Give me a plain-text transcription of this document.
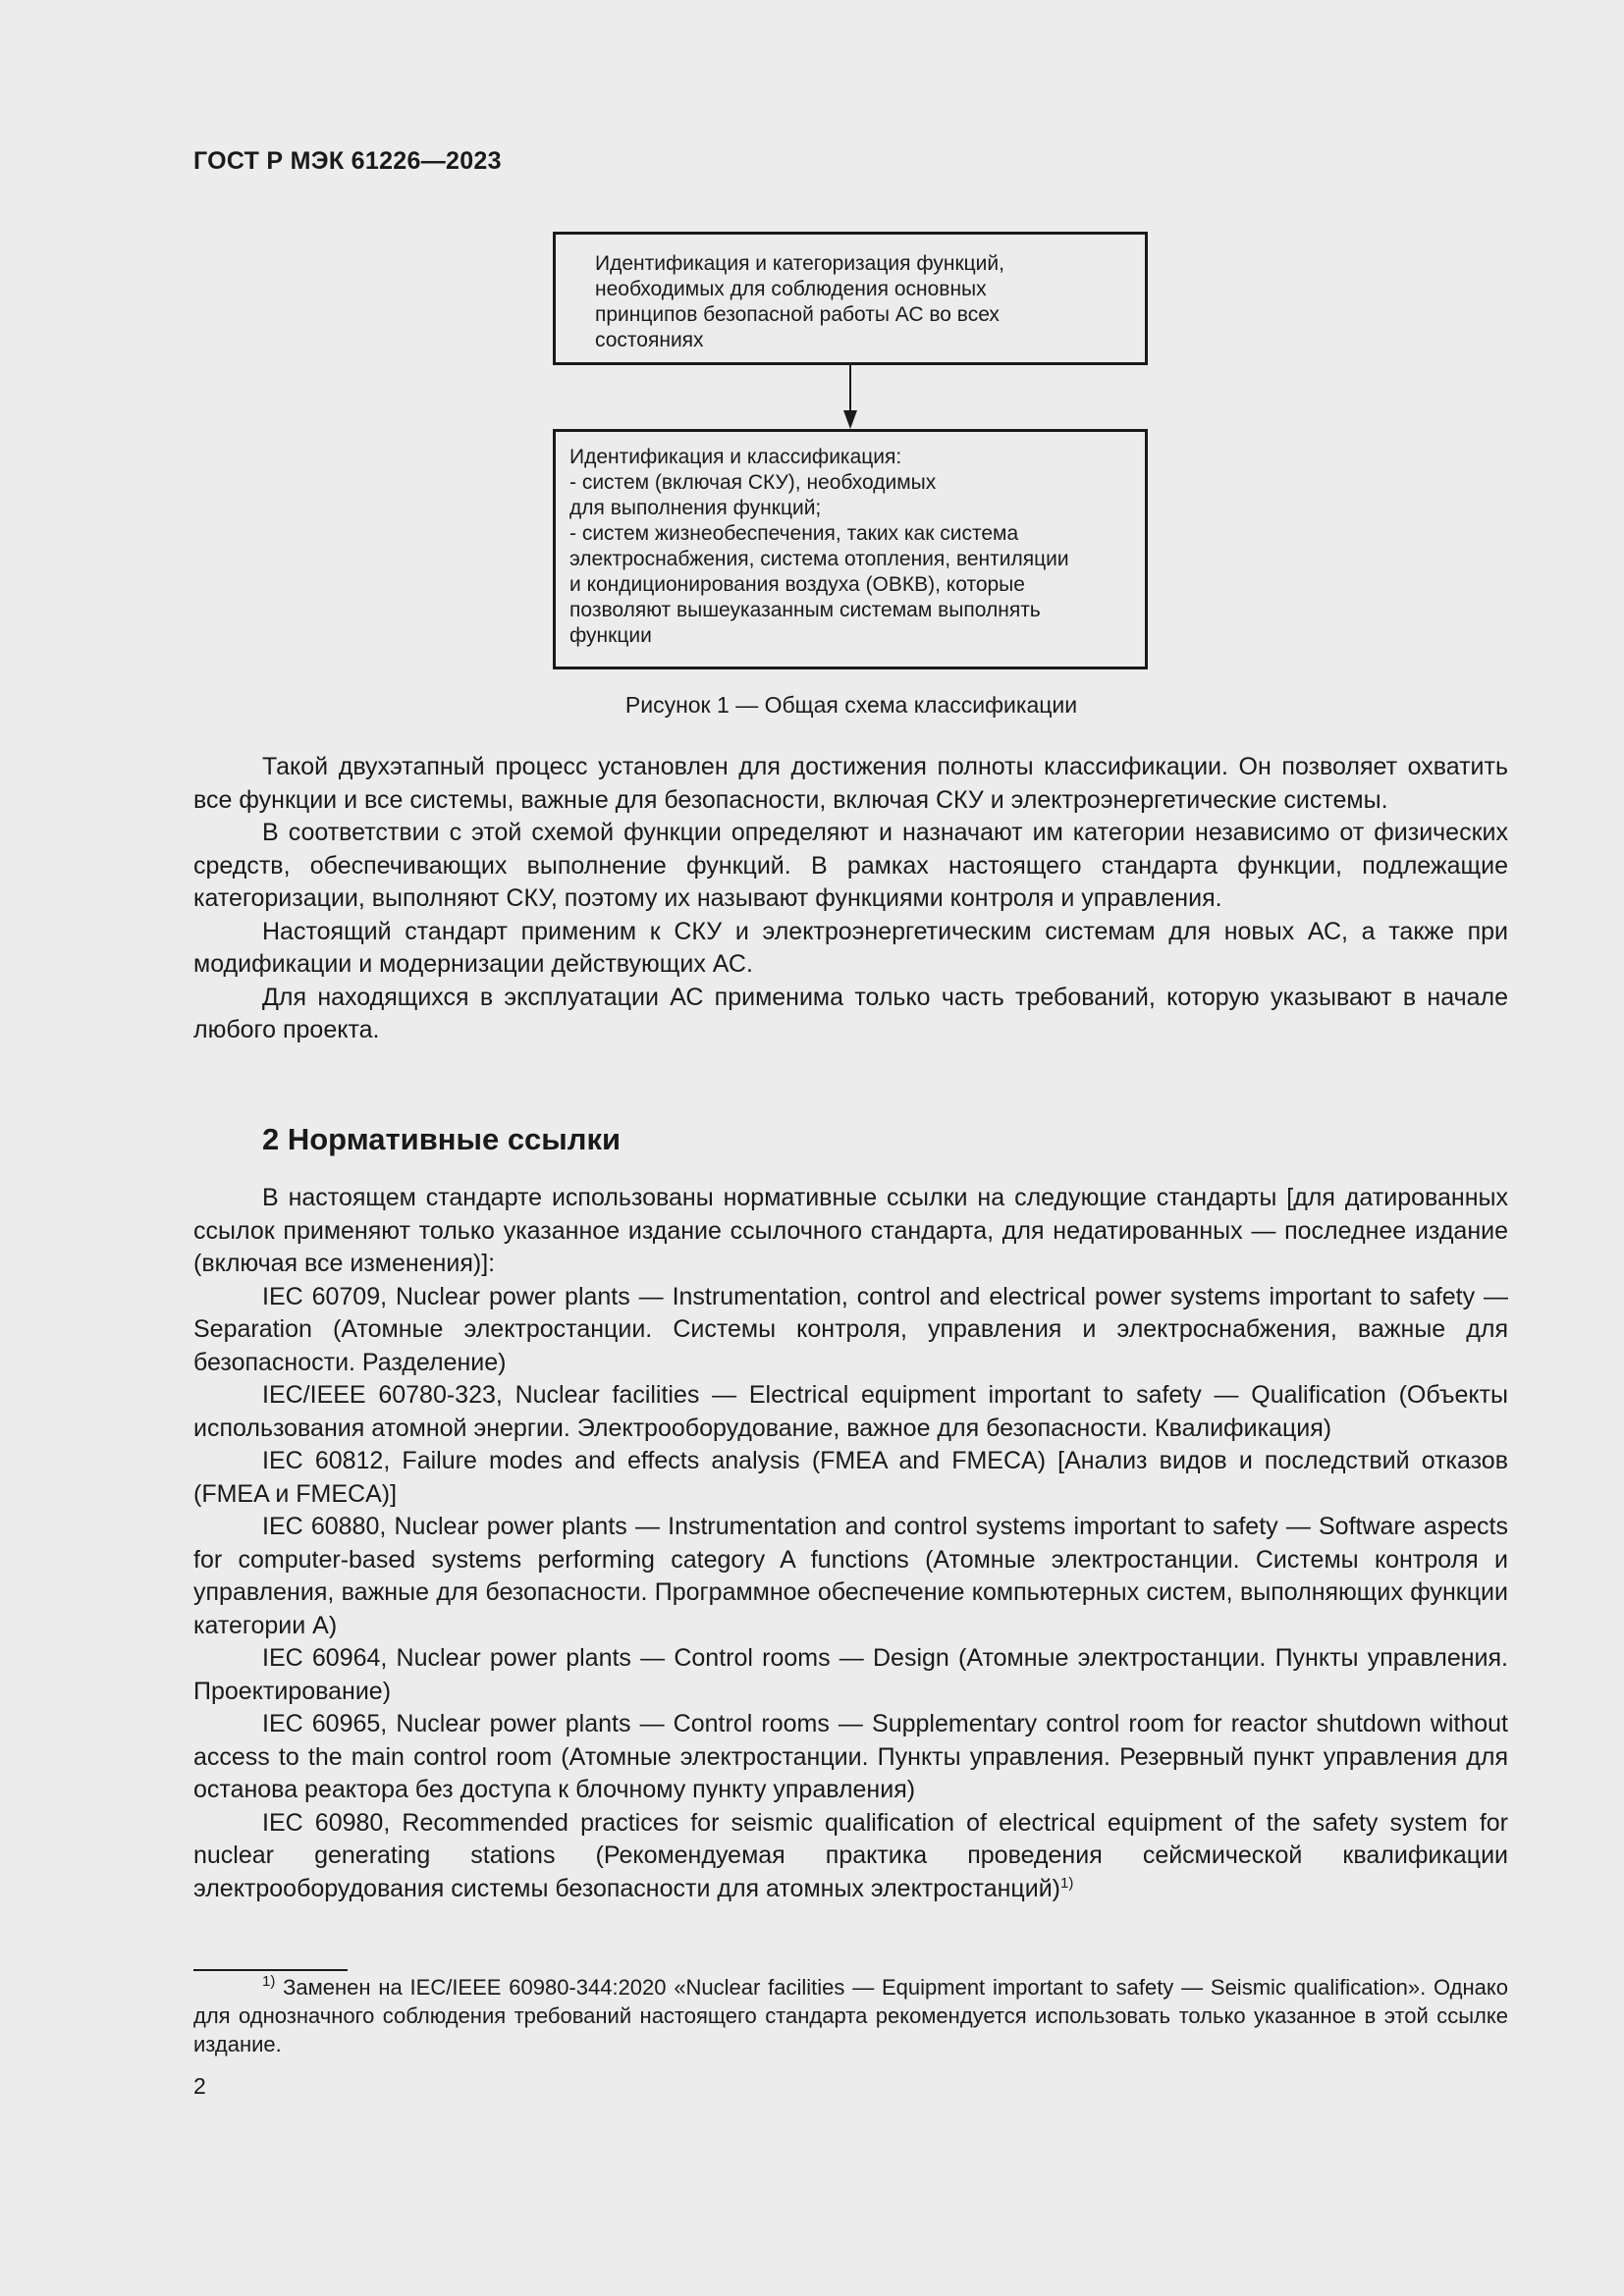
ГОСТ Р МЭК 61226—2023
Идентификация и категоризация функций,
необходимых для соблюдения основных
принципов безопасной работы АС во всех
состояниях
Идентификация и классификация:
- систем (включая СКУ), необходимых
для выполнения функций;
- систем жизнеобеспечения, таких как система
электроснабжения, система отопления, вентиляции
и кондиционирования воздуха (ОВКВ), которые
позволяют вышеуказанным системам выполнять
функции
Рисунок 1 — Общая схема классификации

Такой двухэтапный процесс установлен для достижения полноты классификации. Он позволяет охватить все функции и все системы, важные для безопасности, включая СКУ и электроэнергетические системы.

В соответствии с этой схемой функции определяют и назначают им категории независимо от физических средств, обеспечивающих выполнение функций. В рамках настоящего стандарта функции, подлежащие категоризации, выполняют СКУ, поэтому их называют функциями контроля и управления.

Настоящий стандарт применим к СКУ и электроэнергетическим системам для новых АС, а также при модификации и модернизации действующих АС.

Для находящихся в эксплуатации АС применима только часть требований, которую указывают в начале любого проекта.

2 Нормативные ссылки

В настоящем стандарте использованы нормативные ссылки на следующие стандарты [для датированных ссылок применяют только указанное издание ссылочного стандарта, для недатированных — последнее издание (включая все изменения)]:

IEC 60709, Nuclear power plants — Instrumentation, control and electrical power systems important to safety — Separation (Атомные электростанции. Системы контроля, управления и электроснабжения, важные для безопасности. Разделение)

IEC/IEEE 60780-323, Nuclear facilities — Electrical equipment important to safety — Qualification (Объекты использования атомной энергии. Электрооборудование, важное для безопасности. Квалификация)

IEC 60812, Failure modes and effects analysis (FMEA and FMECA) [Анализ видов и последствий отказов (FMEA и FMECA)]

IEC 60880, Nuclear power plants — Instrumentation and control systems important to safety — Software aspects for computer-based systems performing category A functions (Атомные электростанции. Системы контроля и управления, важные для безопасности. Программное обеспечение компьютерных систем, выполняющих функции категории А)

IEC 60964, Nuclear power plants — Control rooms — Design (Атомные электростанции. Пункты управления. Проектирование)

IEC 60965, Nuclear power plants — Control rooms — Supplementary control room for reactor shutdown without access to the main control room (Атомные электростанции. Пункты управления. Резервный пункт управления для останова реактора без доступа к блочному пункту управления)

IEC 60980, Recommended practices for seismic qualification of electrical equipment of the safety system for nuclear generating stations (Рекомендуемая практика проведения сейсмической квалификации электрооборудования системы безопасности для атомных электростанций)$^{1)}$

$^{1)}$ Заменен на IEC/IEEE 60980-344:2020 «Nuclear facilities — Equipment important to safety — Seismic qualification». Однако для однозначного соблюдения требований настоящего стандарта рекомендуется использовать только указанное в этой ссылке издание.

2
